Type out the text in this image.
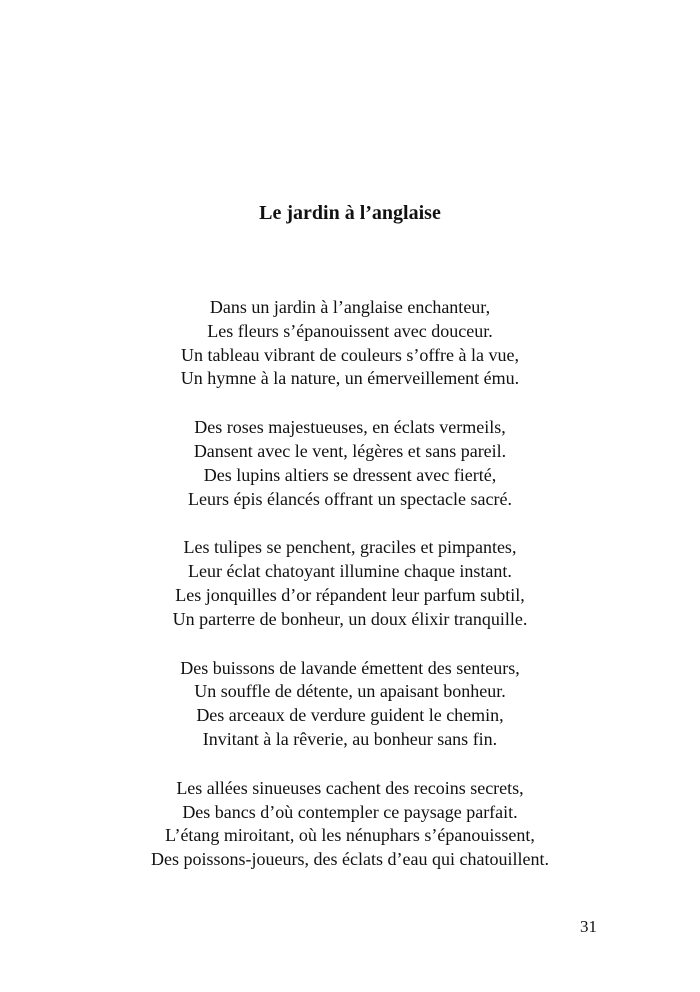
Le jardin à l’anglaise
Dans un jardin à l’anglaise enchanteur,
Les fleurs s’épanouissent avec douceur.
Un tableau vibrant de couleurs s’offre à la vue,
Un hymne à la nature, un émerveillement ému.
Des roses majestueuses, en éclats vermeils,
Dansent avec le vent, légères et sans pareil.
Des lupins altiers se dressent avec fierté,
Leurs épis élancés offrant un spectacle sacré.
Les tulipes se penchent, graciles et pimpantes,
Leur éclat chatoyant illumine chaque instant.
Les jonquilles d’or répandent leur parfum subtil,
Un parterre de bonheur, un doux élixir tranquille.
Des buissons de lavande émettent des senteurs,
Un souffle de détente, un apaisant bonheur.
Des arceaux de verdure guident le chemin,
Invitant à la rêverie, au bonheur sans fin.
Les allées sinueuses cachent des recoins secrets,
Des bancs d’où contempler ce paysage parfait.
L’étang miroitant, où les nénuphars s’épanouissent,
Des poissons-joueurs, des éclats d’eau qui chatouillent.
31
